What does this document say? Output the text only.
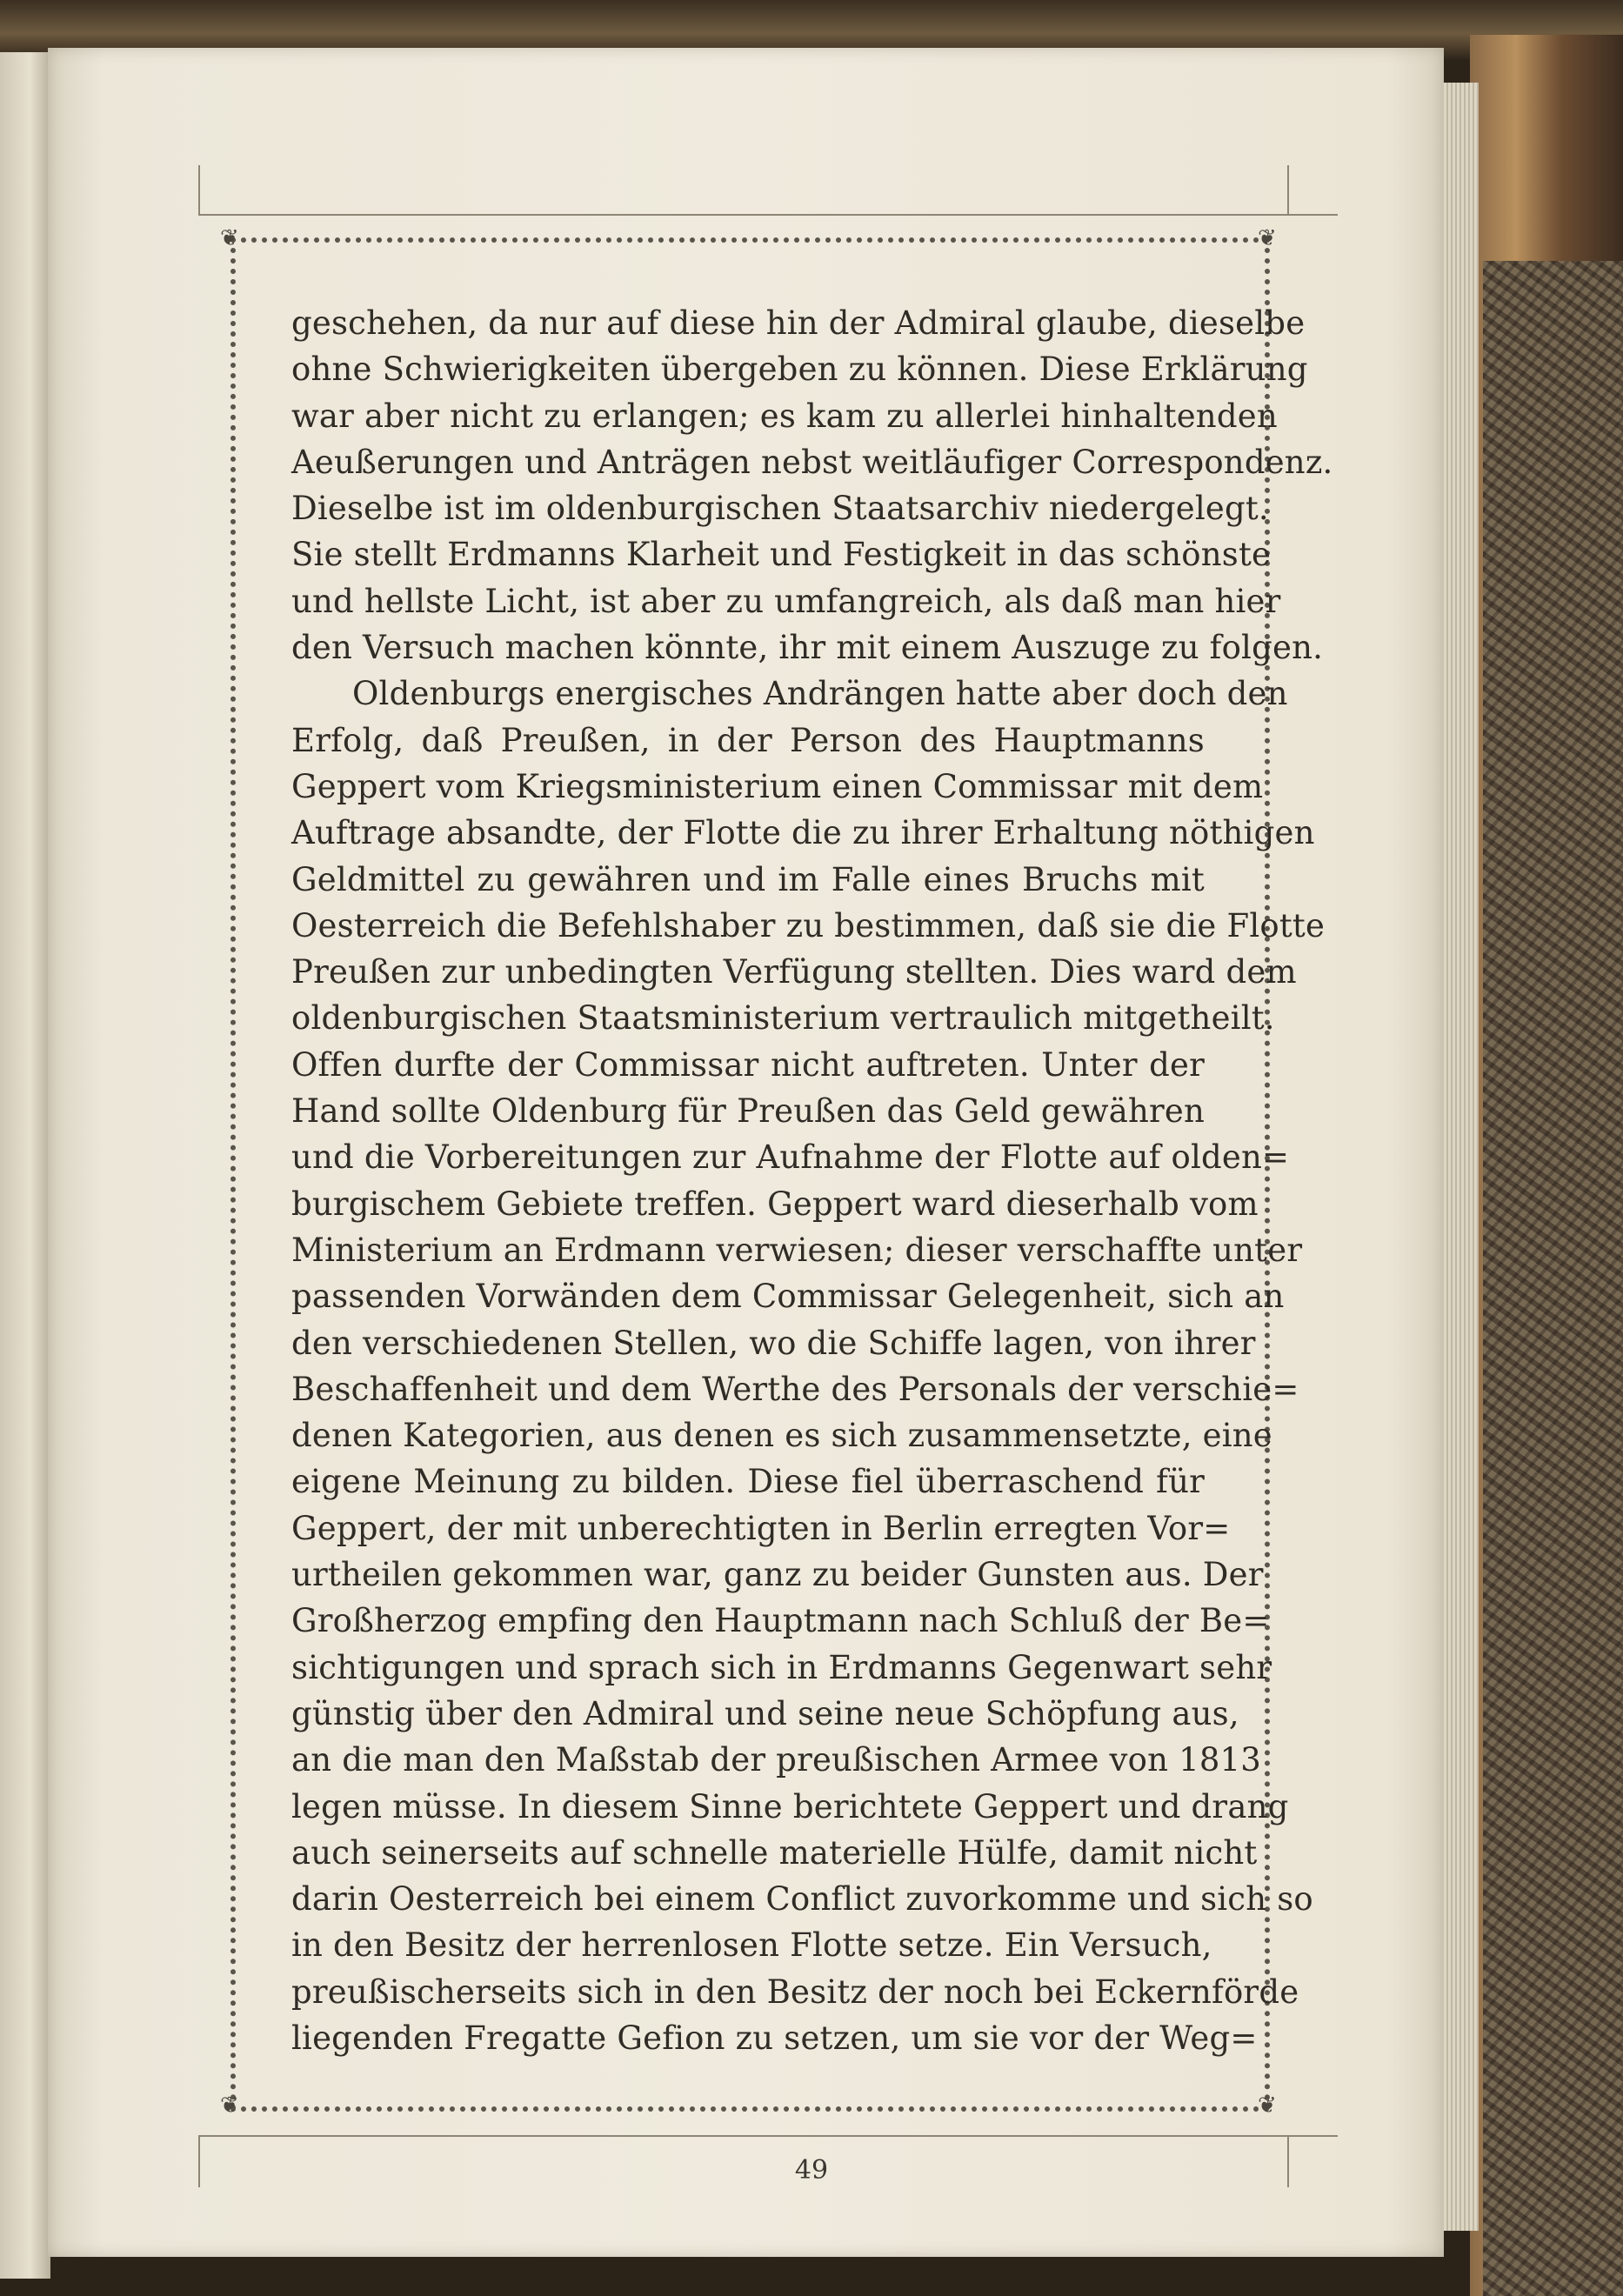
❦	❦
❦	❦
geschehen, da nur auf diese hin der Admiral glaube, dieselbe
ohne Schwierigkeiten übergeben zu können. Diese Erklärung
war aber nicht zu erlangen; es kam zu allerlei hinhaltenden
Aeußerungen und Anträgen nebst weitläufiger Correspondenz.
Dieselbe ist im oldenburgischen Staatsarchiv niedergelegt.
Sie stellt Erdmanns Klarheit und Festigkeit in das schönste
und hellste Licht, ist aber zu umfangreich, als daß man hier
den Versuch machen könnte, ihr mit einem Auszuge zu folgen.
Oldenburgs energisches Andrängen hatte aber doch den
Erfolg, daß Preußen, in der Person des Hauptmanns
Geppert vom Kriegsministerium einen Commissar mit dem
Auftrage absandte, der Flotte die zu ihrer Erhaltung nöthigen
Geldmittel zu gewähren und im Falle eines Bruchs mit
Oesterreich die Befehlshaber zu bestimmen, daß sie die Flotte
Preußen zur unbedingten Verfügung stellten. Dies ward dem
oldenburgischen Staatsministerium vertraulich mitgetheilt.
Offen durfte der Commissar nicht auftreten. Unter der
Hand sollte Oldenburg für Preußen das Geld gewähren
und die Vorbereitungen zur Aufnahme der Flotte auf olden=
burgischem Gebiete treffen. Geppert ward dieserhalb vom
Ministerium an Erdmann verwiesen; dieser verschaffte unter
passenden Vorwänden dem Commissar Gelegenheit, sich an
den verschiedenen Stellen, wo die Schiffe lagen, von ihrer
Beschaffenheit und dem Werthe des Personals der verschie=
denen Kategorien, aus denen es sich zusammensetzte, eine
eigene Meinung zu bilden. Diese fiel überraschend für
Geppert, der mit unberechtigten in Berlin erregten Vor=
urtheilen gekommen war, ganz zu beider Gunsten aus. Der
Großherzog empfing den Hauptmann nach Schluß der Be=
sichtigungen und sprach sich in Erdmanns Gegenwart sehr
günstig über den Admiral und seine neue Schöpfung aus,
an die man den Maßstab der preußischen Armee von 1813
legen müsse. In diesem Sinne berichtete Geppert und drang
auch seinerseits auf schnelle materielle Hülfe, damit nicht
darin Oesterreich bei einem Conflict zuvorkomme und sich so
in den Besitz der herrenlosen Flotte setze. Ein Versuch,
preußischerseits sich in den Besitz der noch bei Eckernförde
liegenden Fregatte Gefion zu setzen, um sie vor der Weg=
49
